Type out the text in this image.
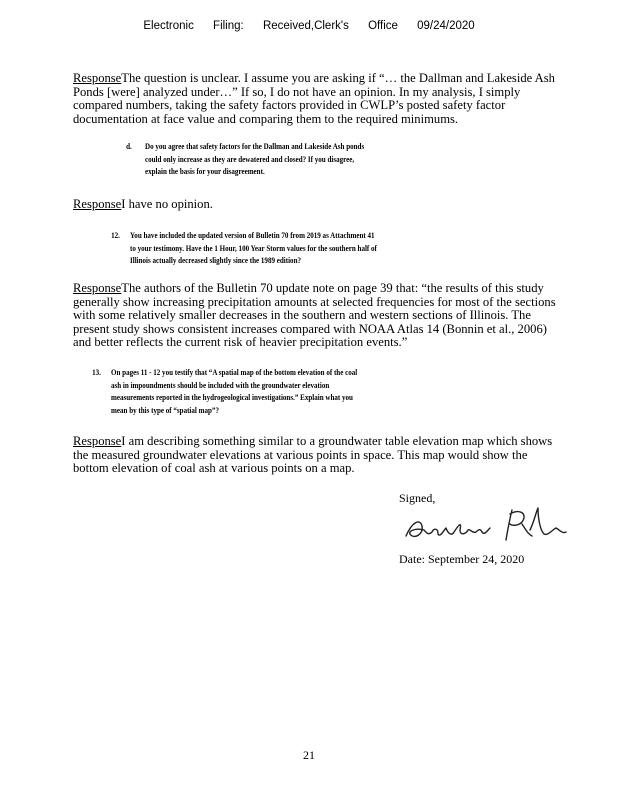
Electronic Filing: Received,Clerk's Office 09/24/2020
ResponseThe question is unclear. I assume you are asking if “… the Dallman and Lakeside Ash
Ponds [were] analyzed under…” If so, I do not have an opinion. In my analysis, I simply
compared numbers, taking the safety factors provided in CWLP’s posted safety factor
documentation at face value and comparing them to the required minimums.
d. Do you agree that safety factors for the Dallman and Lakeside Ash ponds
could only increase as they are dewatered and closed? If you disagree,
explain the basis for your disagreement.
ResponseI have no opinion.
12. You have included the updated version of Bulletin 70 from 2019 as Attachment 41
to your testimony. Have the 1 Hour, 100 Year Storm values for the southern half of
Illinois actually decreased slightly since the 1989 edition?
ResponseThe authors of the Bulletin 70 update note on page 39 that: “the results of this study
generally show increasing precipitation amounts at selected frequencies for most of the sections
with some relatively smaller decreases in the southern and western sections of Illinois. The
present study shows consistent increases compared with NOAA Atlas 14 (Bonnin et al., 2006)
and better reflects the current risk of heavier precipitation events.”
13. On pages 11 - 12 you testify that “A spatial map of the bottom elevation of the coal
ash in impoundments should be included with the groundwater elevation
measurements reported in the hydrogeological investigations.” Explain what you
mean by this type of “spatial map”?
ResponseI am describing something similar to a groundwater table elevation map which shows
the measured groundwater elevations at various points in space. This map would show the
bottom elevation of coal ash at various points on a map.
Signed,
Date: September 24, 2020
21
